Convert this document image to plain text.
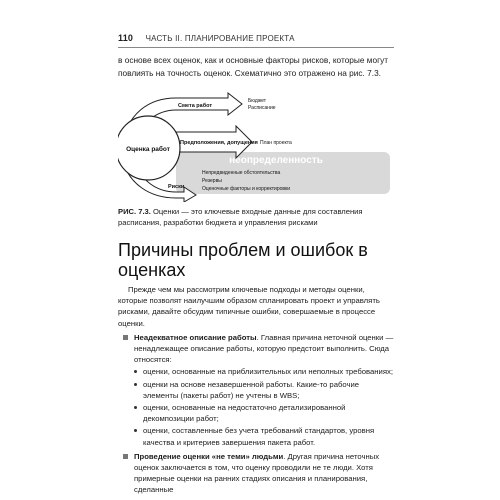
110 ЧАСТЬ II. ПЛАНИРОВАНИЕ ПРОЕКТА
в основе всех оценок, как и основные факторы рисков, которые могут повлиять на точность оценок. Схематично это отражено на рис. 7.3.
неопределенность
Оценка работ
Смета работ
Бюджет
Расписание
Предположения, допущения План проекта
Риски
Непредвиденные обстоятельства
Резервы
Оценочные факторы и корректировки
РИС. 7.3. Оценки — это ключевые входные данные для составления расписания, разработки бюджета и управления рисками
Причины проблем и ошибок в оценках

Прежде чем мы рассмотрим ключевые подходы и методы оценки, которые позволят наилучшим образом спланировать проект и управлять рисками, давайте обсудим типичные ошибки, совершаемые в процессе оценки.

Неадекватное описание работы. Главная причина неточной оценки — ненадлежащее описание работы, которую предстоит выполнить. Сюда относятся:
оценки, основанные на приблизительных или неполных требованиях;
оценки на основе незавершенной работы. Какие-то рабочие элементы (пакеты работ) не учтены в WBS;
оценки, основанные на недостаточно детализированной декомпозиции работ;
оценки, составленные без учета требований стандартов, уровня качества и критериев завершения пакета работ.
Проведение оценки «не теми» людьми. Другая причина неточных оценок заключается в том, что оценку проводили не те люди. Хотя примерные оценки на ранних стадиях описания и планирования, сделанные
